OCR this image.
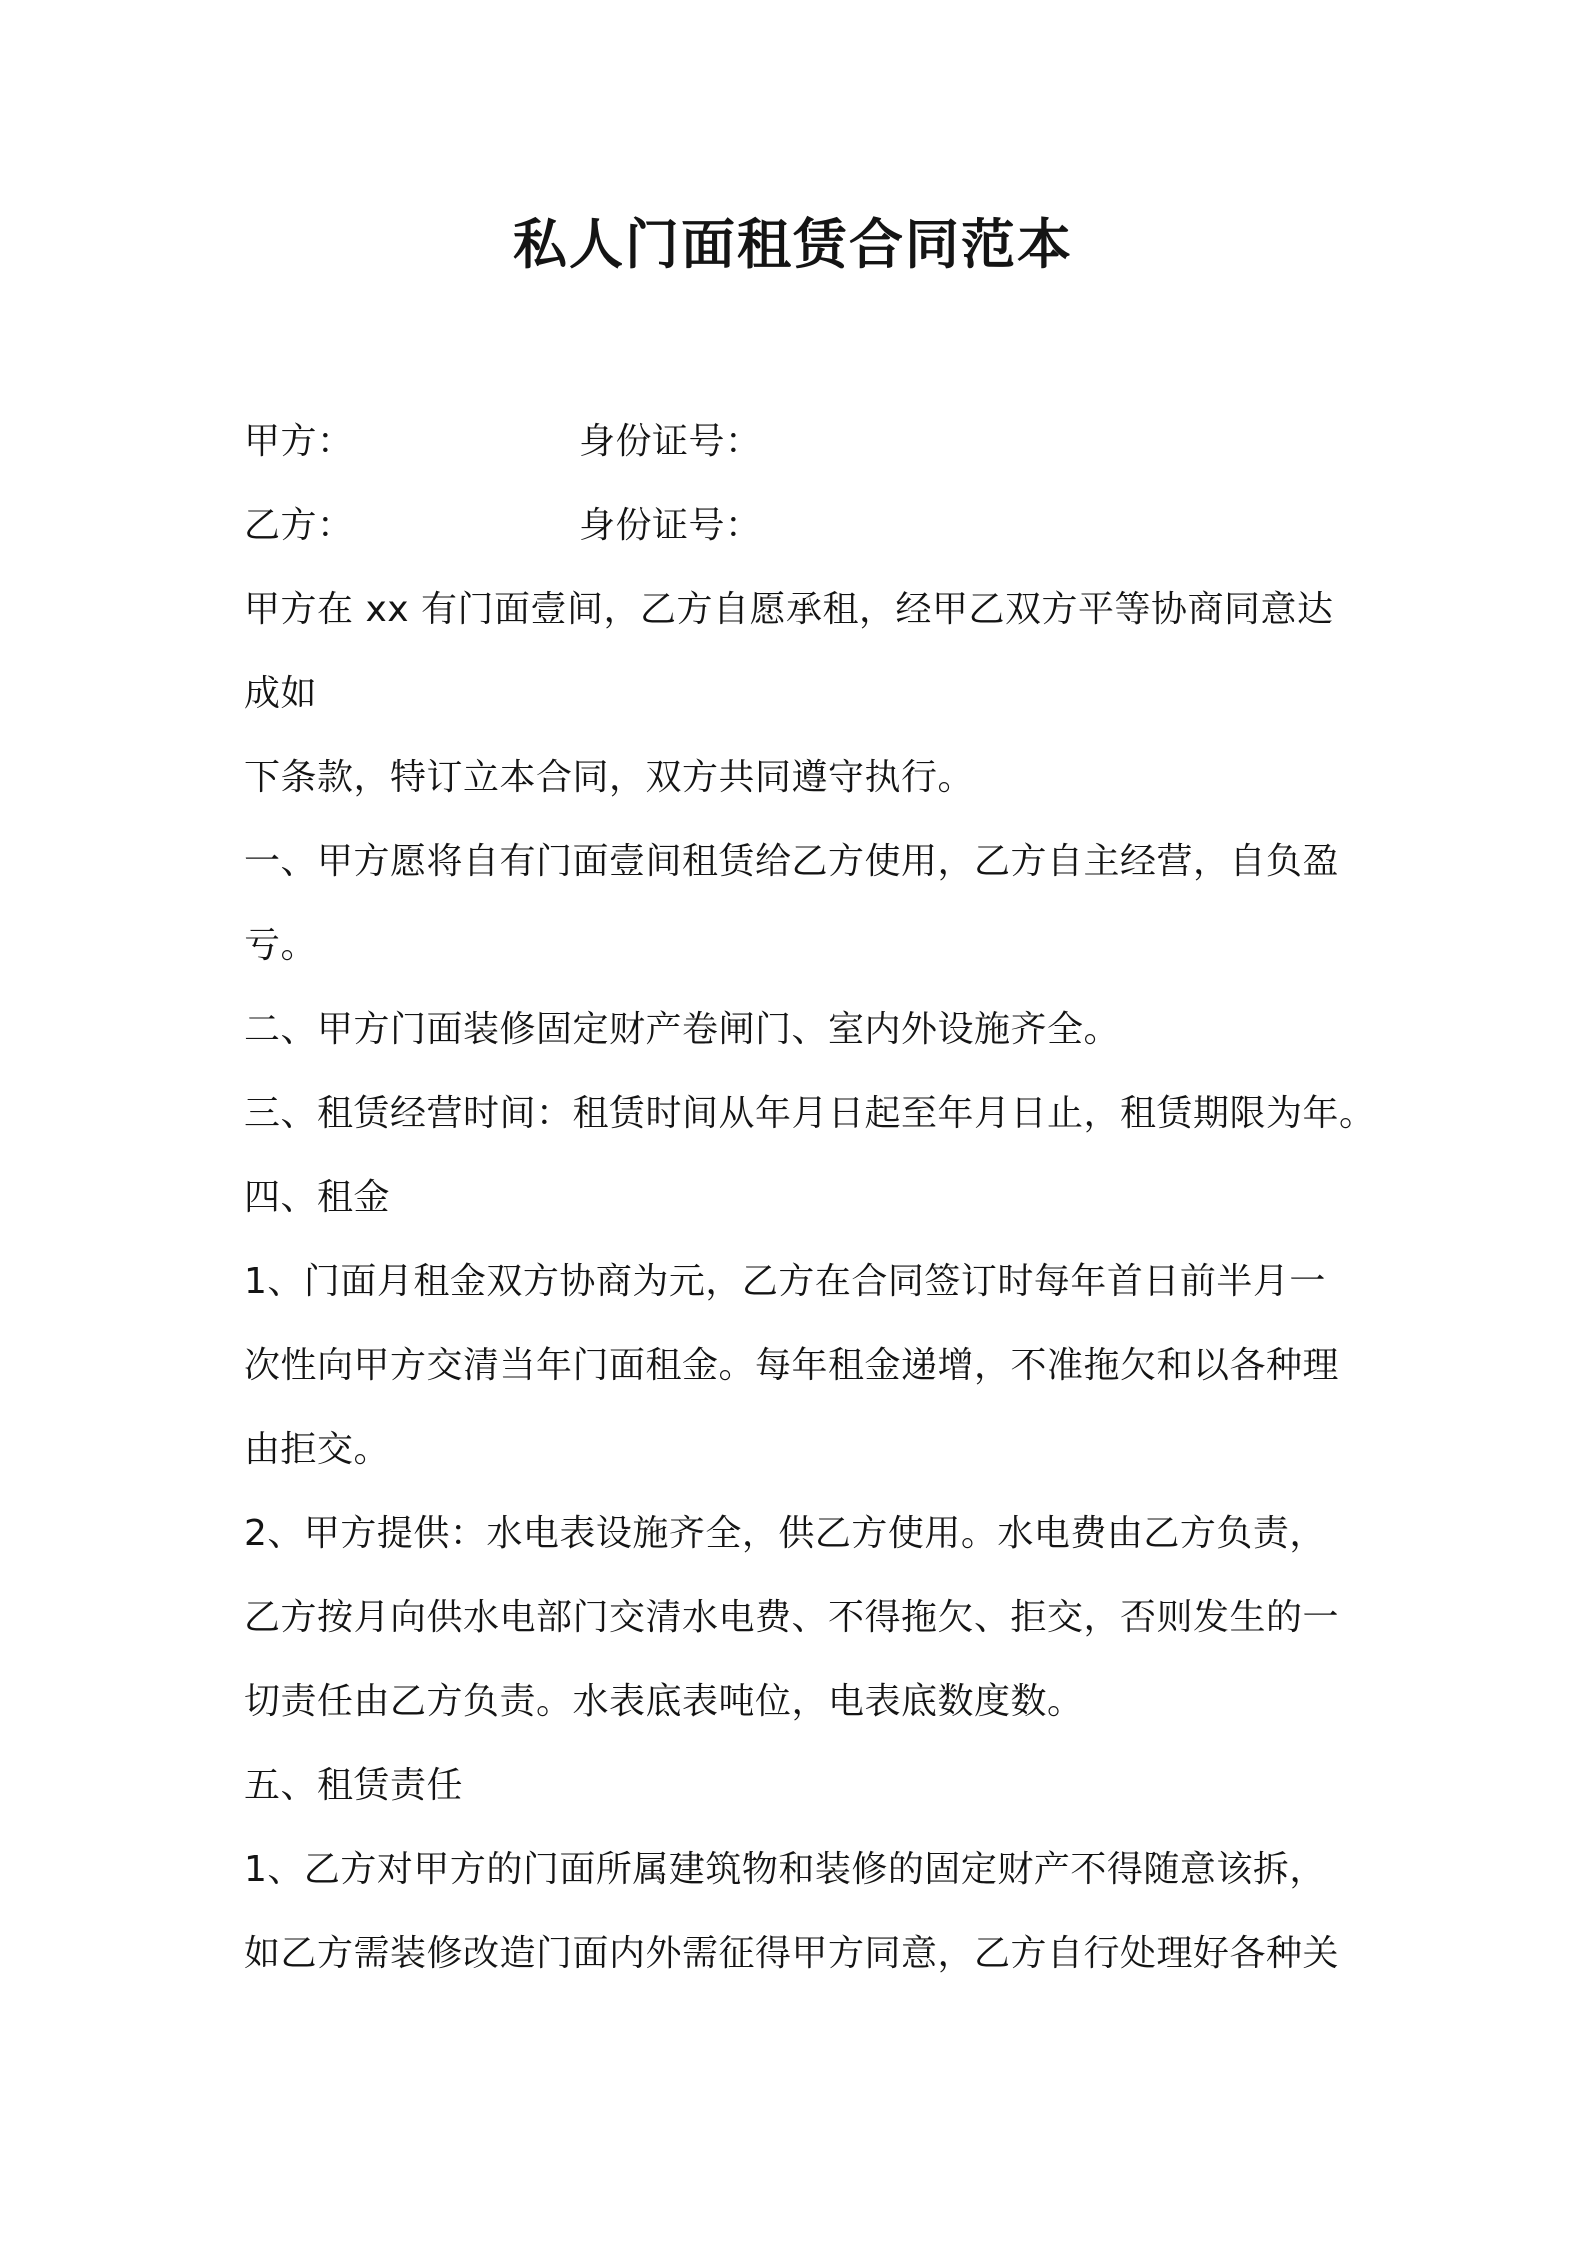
私人门面租赁合同范本
甲方：	身份证号：
乙方：	身份证号：
甲方在 xx 有门面壹间，乙方自愿承租，经甲乙双方平等协商同意达
成如
下条款，特订立本合同，双方共同遵守执行。
一、甲方愿将自有门面壹间租赁给乙方使用，乙方自主经营，自负盈
亏。
二、甲方门面装修固定财产卷闸门、室内外设施齐全。
三、租赁经营时间：租赁时间从年月日起至年月日止，租赁期限为年。
四、租金
1、门面月租金双方协商为元，乙方在合同签订时每年首日前半月一
次性向甲方交清当年门面租金。每年租金递增，不准拖欠和以各种理
由拒交。
2、甲方提供：水电表设施齐全，供乙方使用。水电费由乙方负责，
乙方按月向供水电部门交清水电费、不得拖欠、拒交，否则发生的一
切责任由乙方负责。水表底表吨位，电表底数度数。
五、租赁责任
1、乙方对甲方的门面所属建筑物和装修的固定财产不得随意该拆，
如乙方需装修改造门面内外需征得甲方同意，乙方自行处理好各种关
